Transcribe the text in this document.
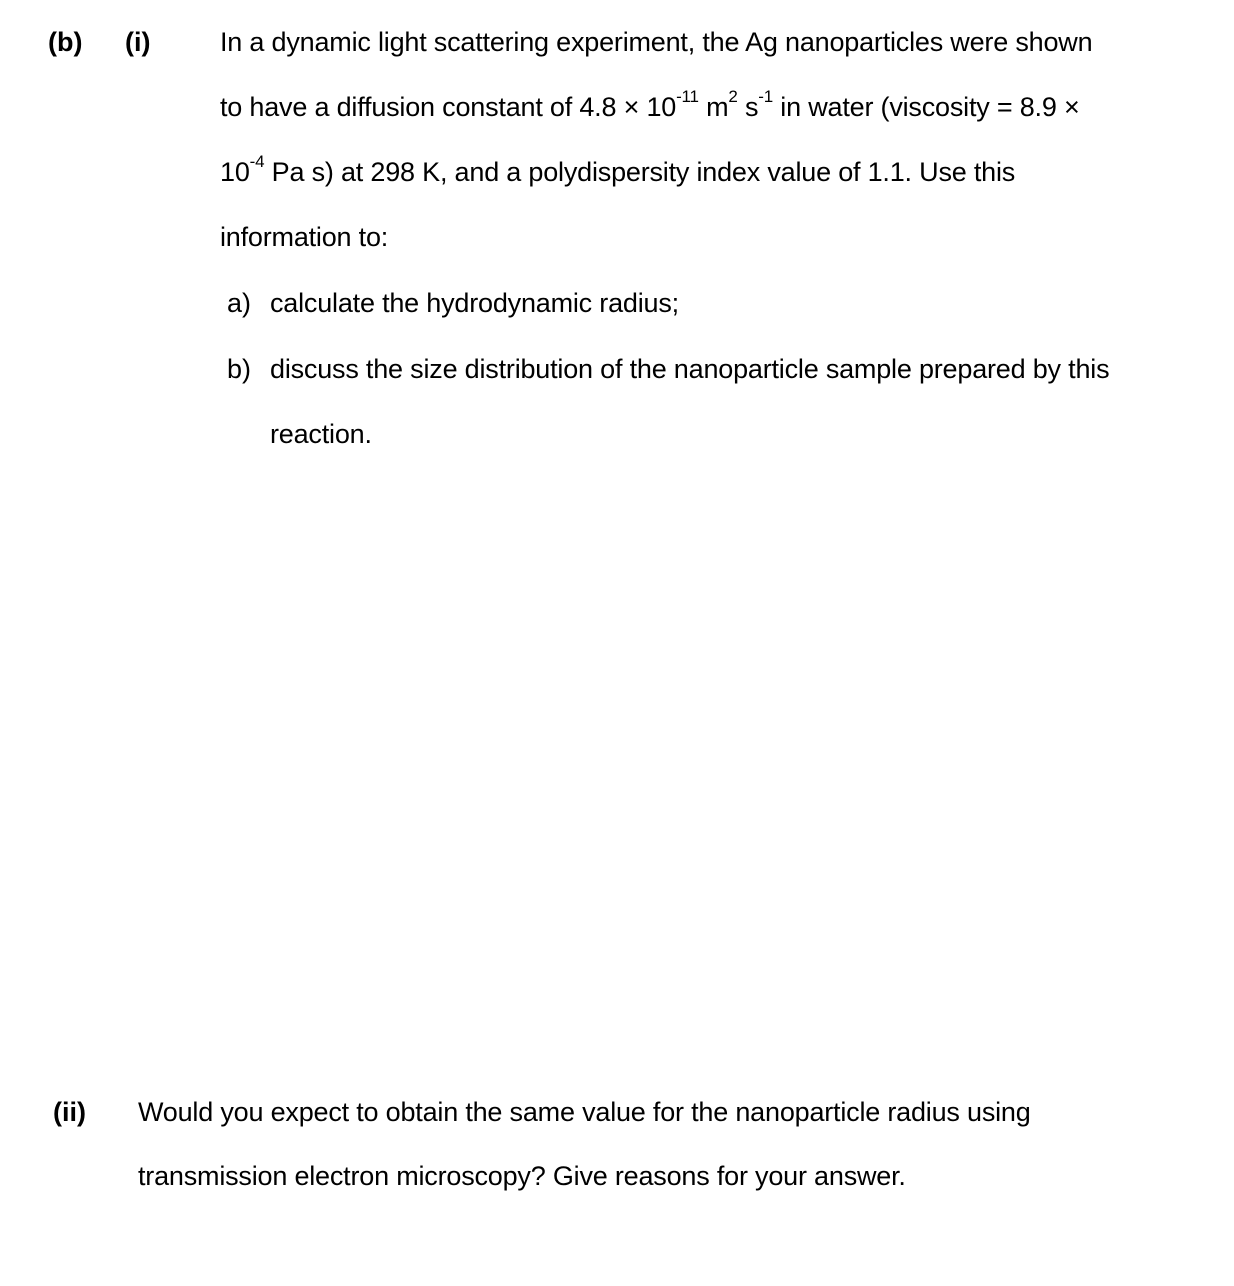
(b) (i)	In a dynamic light scattering experiment, the Ag nanoparticles were shown
to have a diffusion constant of $4.8 \times 10^{-11}$ $m^2$ $s^{-1}$ in water (viscosity = 8.9 ×
$10^{-4}$ Pa s) at 298 K, and a polydispersity index value of 1.1. Use this
information to:
a) calculate the hydrodynamic radius;
b) discuss the size distribution of the nanoparticle sample prepared by this
reaction.
(ii) Would you expect to obtain the same value for the nanoparticle radius using
transmission electron microscopy? Give reasons for your answer.
